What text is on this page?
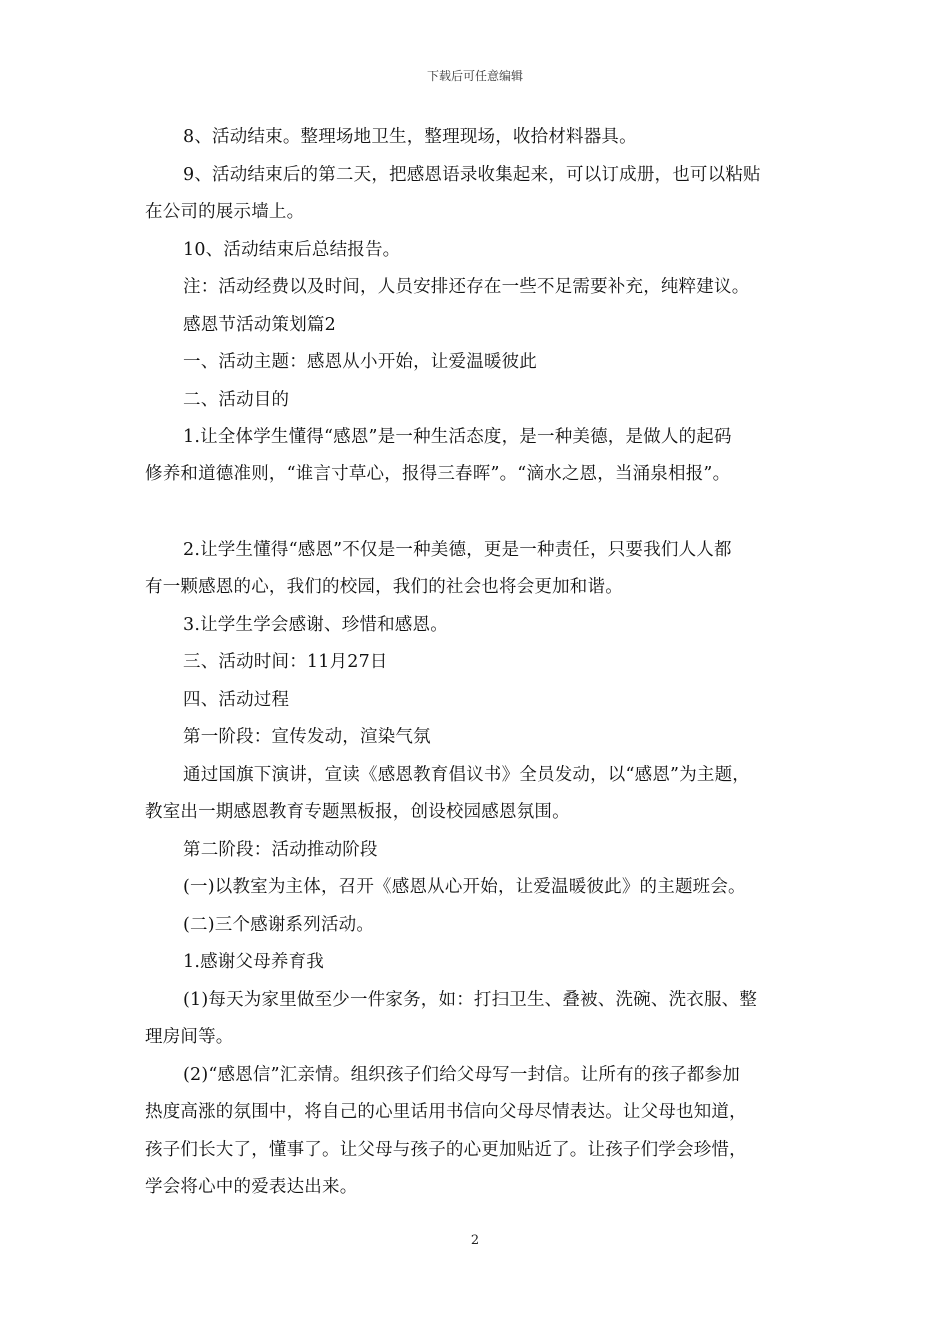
下载后可任意编辑
8、活动结束。整理场地卫生，整理现场，收拾材料器具。
9、活动结束后的第二天，把感恩语录收集起来，可以订成册，也可以粘贴
在公司的展示墙上。
10、活动结束后总结报告。
注：活动经费以及时间，人员安排还存在一些不足需要补充，纯粹建议。
感恩节活动策划篇2
一、活动主题：感恩从小开始，让爱温暖彼此
二、活动目的
1.让全体学生懂得“感恩”是一种生活态度，是一种美德，是做人的起码
修养和道德准则，“谁言寸草心，报得三春晖”。“滴水之恩，当涌泉相报”。
2.让学生懂得“感恩”不仅是一种美德，更是一种责任，只要我们人人都
有一颗感恩的心，我们的校园，我们的社会也将会更加和谐。
3.让学生学会感谢、珍惜和感恩。
三、活动时间：11月27日
四、活动过程
第一阶段：宣传发动，渲染气氛
通过国旗下演讲，宣读《感恩教育倡议书》全员发动，以“感恩”为主题，
教室出一期感恩教育专题黑板报，创设校园感恩氛围。
第二阶段：活动推动阶段
(一)以教室为主体，召开《感恩从心开始，让爱温暖彼此》的主题班会。
(二)三个感谢系列活动。
1.感谢父母养育我
(1)每天为家里做至少一件家务，如：打扫卫生、叠被、洗碗、洗衣服、整
理房间等。
(2)“感恩信”汇亲情。组织孩子们给父母写一封信。让所有的孩子都参加
热度高涨的氛围中，将自己的心里话用书信向父母尽情表达。让父母也知道，
孩子们长大了，懂事了。让父母与孩子的心更加贴近了。让孩子们学会珍惜，
学会将心中的爱表达出来。
2
